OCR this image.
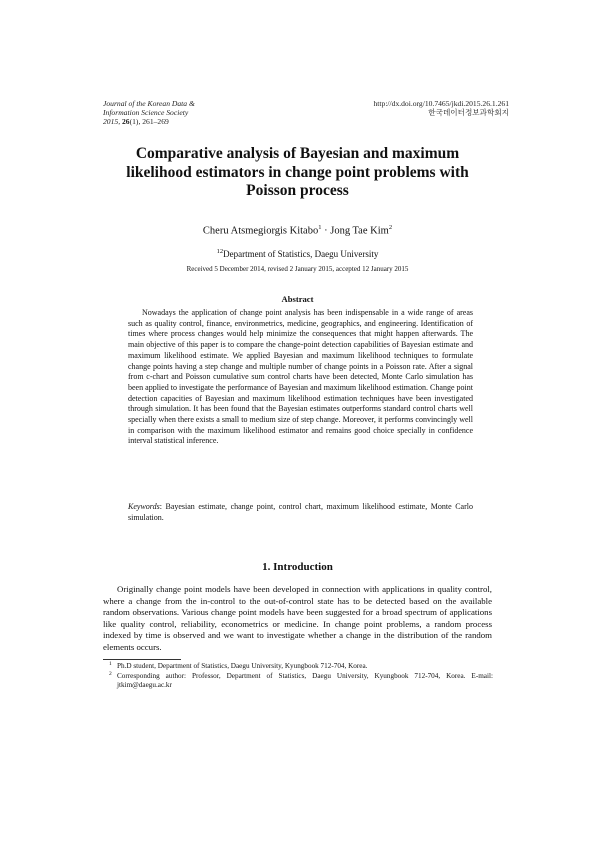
Journal of the Korean Data &
Information Science Society
2015, 26(1), 261–269
http://dx.doi.org/10.7465/jkdi.2015.26.1.261
한국데이터정보과학회지
Comparative analysis of Bayesian and maximum
likelihood estimators in change point problems with
Poisson process
Cheru Atsmegiorgis Kitabo$^1$ · Jong Tae Kim$^2$
$^{12}$Department of Statistics, Daegu University
Received 5 December 2014, revised 2 January 2015, accepted 12 January 2015
Abstract
Nowadays the application of change point analysis has been indispensable in a wide range of areas such as quality control, finance, environmetrics, medicine, geographics, and engineering. Identification of times where process changes would help minimize the consequences that might happen afterwards. The main objective of this paper is to compare the change-point detection capabilities of Bayesian estimate and maximum likelihood estimate. We applied Bayesian and maximum likelihood techniques to formulate change points having a step change and multiple number of change points in a Poisson rate. After a signal from c-chart and Poisson cumulative sum control charts have been detected, Monte Carlo simulation has been applied to investigate the performance of Bayesian and maximum likelihood estimation. Change point detection capacities of Bayesian and maximum likelihood estimation techniques have been investigated through simulation. It has been found that the Bayesian estimates outperforms standard control charts well specially when there exists a small to medium size of step change. Moreover, it performs convincingly well in comparison with the maximum likelihood estimator and remains good choice specially in confidence interval statistical inference.
Keywords: Bayesian estimate, change point, control chart, maximum likelihood estimate, Monte Carlo simulation.
1. Introduction
Originally change point models have been developed in connection with applications in quality control, where a change from the in-control to the out-of-control state has to be detected based on the available random observations. Various change point models have been suggested for a broad spectrum of applications like quality control, reliability, econometrics or medicine. In change point problems, a random process indexed by time is observed and we want to investigate whether a change in the distribution of the random elements occurs.
1 Ph.D student, Department of Statistics, Daegu University, Kyungbook 712-704, Korea.
2 Corresponding author: Professor, Department of Statistics, Daegu University, Kyungbook 712-704, Korea. E-mail: jtkim@daegu.ac.kr
